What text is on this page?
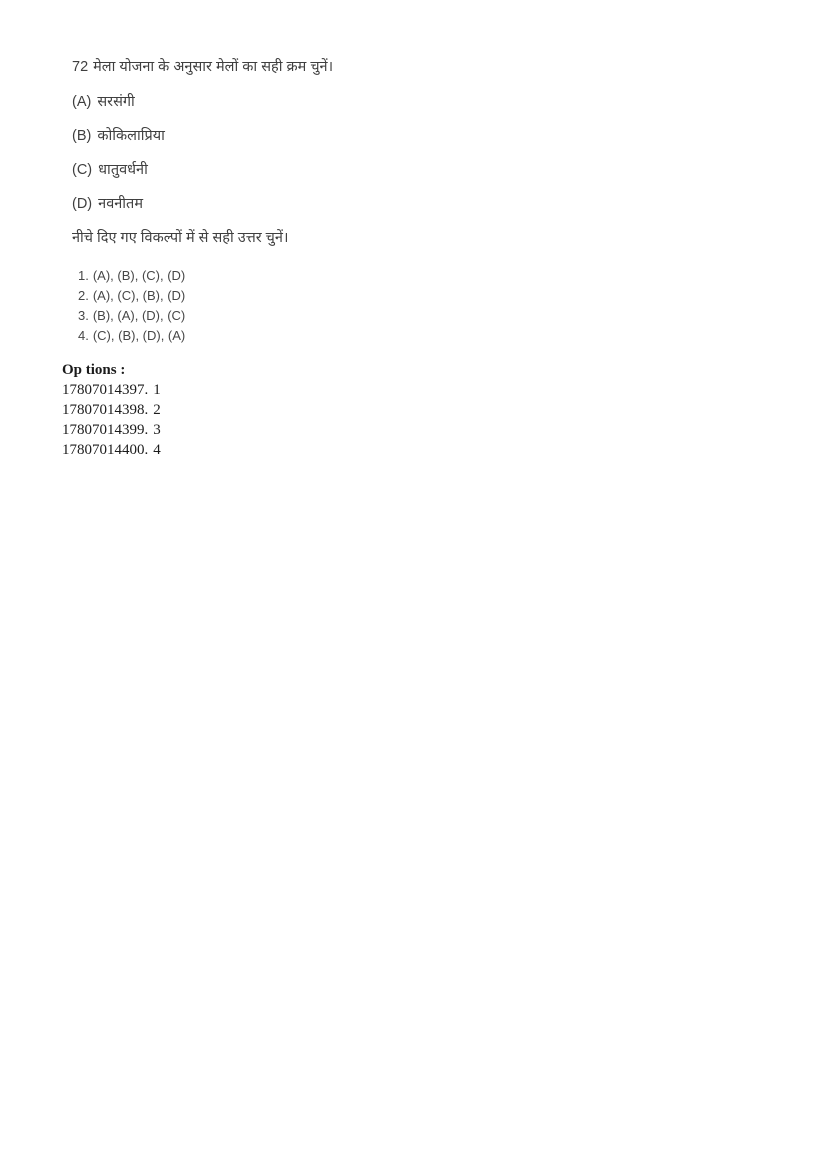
72 मेला योजना के अनुसार मेलों का सही क्रम चुनें।

(A) सरसंगी

(B) कोकिलाप्रिया

(C) धातुवर्धनी

(D) नवनीतम

नीचे दिए गए विकल्पों में से सही उत्तर चुनें।

1. (A), (B), (C), (D)

2. (A), (C), (B), (D)

3. (B), (A), (D), (C)

4. (C), (B), (D), (A)

Op tions :

17807014397. 1

17807014398. 2

17807014399. 3

17807014400. 4
